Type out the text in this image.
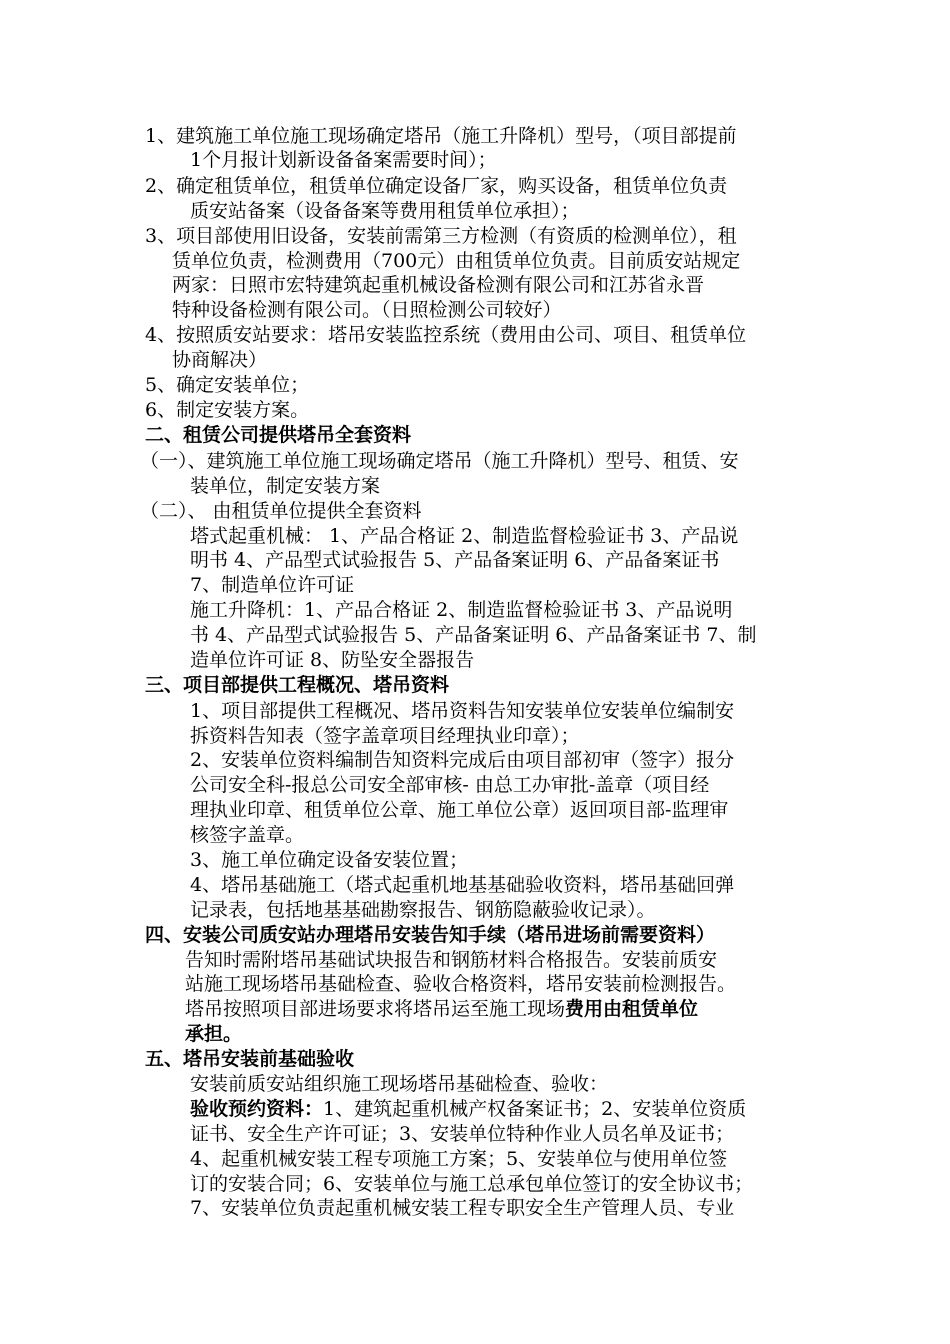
1、建筑施工单位施工现场确定塔吊（施工升降机）型号，（项目部提前
1个月报计划新设备备案需要时间）；
2、确定租赁单位，租赁单位确定设备厂家，购买设备，租赁单位负责
质安站备案（设备备案等费用租赁单位承担）；
3、项目部使用旧设备，安装前需第三方检测（有资质的检测单位），租
赁单位负责，检测费用（700元）由租赁单位负责。目前质安站规定
两家：日照市宏特建筑起重机械设备检测有限公司和江苏省永晋
特种设备检测有限公司。（日照检测公司较好）
4、按照质安站要求：塔吊安装监控系统（费用由公司、项目、租赁单位
协商解决）
5、确定安装单位；
6、制定安装方案。
二、租赁公司提供塔吊全套资料
（一）、建筑施工单位施工现场确定塔吊（施工升降机）型号、租赁、安
装单位，制定安装方案
（二）、 由租赁单位提供全套资料
塔式起重机械： 1、产品合格证 2、制造监督检验证书 3、产品说
明书 4、产品型式试验报告 5、产品备案证明 6、产品备案证书
7、制造单位许可证
施工升降机：1、产品合格证 2、制造监督检验证书 3、产品说明
书 4、产品型式试验报告 5、产品备案证明 6、产品备案证书 7、制
造单位许可证 8、防坠安全器报告
三、项目部提供工程概况、塔吊资料
1、项目部提供工程概况、塔吊资料告知安装单位安装单位编制安
拆资料告知表（签字盖章项目经理执业印章）；
2、安装单位资料编制告知资料完成后由项目部初审（签字）报分
公司安全科-报总公司安全部审核- 由总工办审批-盖章（项目经
理执业印章、租赁单位公章、施工单位公章）返回项目部-监理审
核签字盖章。
3、施工单位确定设备安装位置；
4、塔吊基础施工（塔式起重机地基基础验收资料，塔吊基础回弹
记录表，包括地基基础勘察报告、钢筋隐蔽验收记录）。
四、安装公司质安站办理塔吊安装告知手续（塔吊进场前需要资料）
告知时需附塔吊基础试块报告和钢筋材料合格报告。安装前质安
站施工现场塔吊基础检查、验收合格资料，塔吊安装前检测报告。
塔吊按照项目部进场要求将塔吊运至施工现场费用由租赁单位
承担。
五、塔吊安装前基础验收
安装前质安站组织施工现场塔吊基础检查、验收：
验收预约资料：1、建筑起重机械产权备案证书；2、安装单位资质
证书、安全生产许可证；3、安装单位特种作业人员名单及证书；
4、起重机械安装工程专项施工方案；5、安装单位与使用单位签
订的安装合同；6、安装单位与施工总承包单位签订的安全协议书；
7、安装单位负责起重机械安装工程专职安全生产管理人员、专业
